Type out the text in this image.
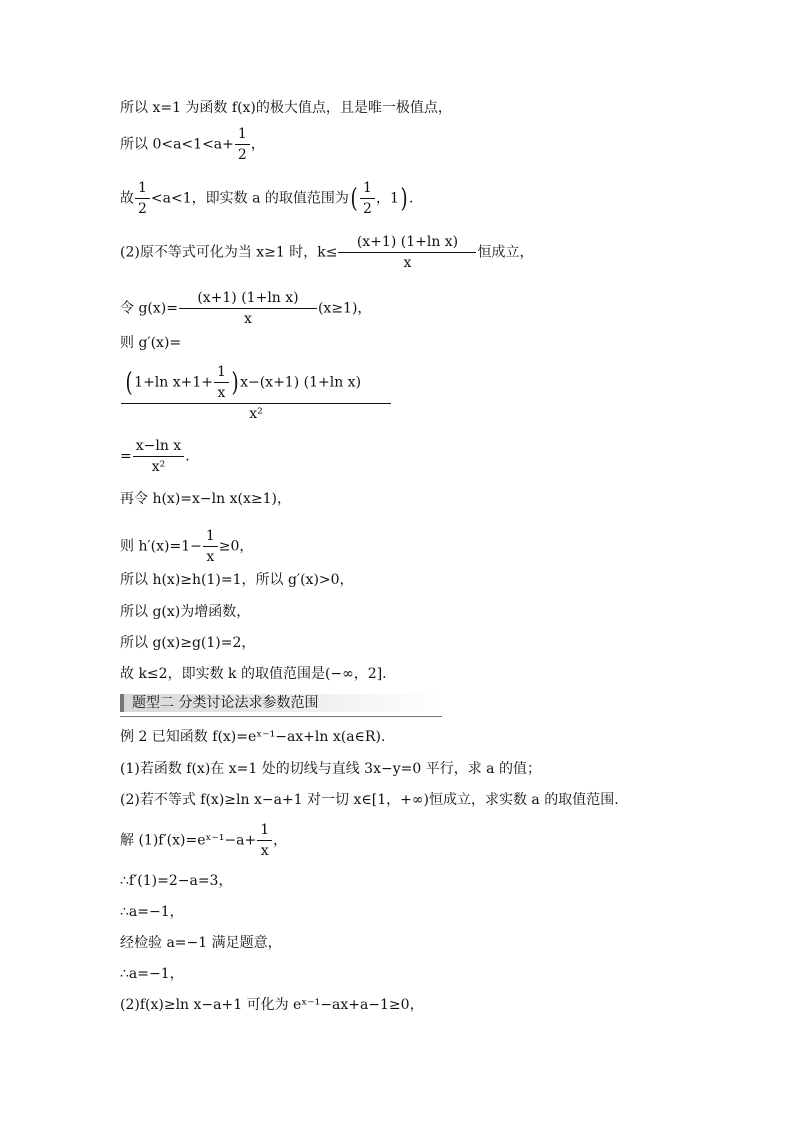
所以 x=1 为函数 f(x)的极大值点，且是唯一极值点，
所以 $0<a<1<a+ \frac{1}{2}$ ，
故 $\frac{1}{2} <a<1$，即实数 a 的取值范围为( $\frac{1}{2}$ ，1) .
(2)原不等式可化为当 x≥1 时，$k\le \frac{\text{(x+1) (1+ln x)}}{x}$ 恒成立，
令 $g(x)= \frac{\text{(x+1) (1+ln x)}}{x} (x\ge 1)$，
则 g′(x)=
$\frac{( 1+\ln x+1+ \frac{1}{x} ) x-(x+1) (1+\ln x)}{\text{x²}}$
= $\frac{\text{x−ln x}}{\text{x²}}$ .
再令 h(x)=x−ln x(x≥1)，
则 $h'(x)=1- \frac{1}{x} \ge 0$，
所以 h(x)≥h(1)=1，所以 g′(x)>0，
所以 g(x)为增函数，
所以 g(x)≥g(1)=2，
故 k≤2，即实数 k 的取值范围是(−∞，2].
题型二 分类讨论法求参数范围
例 2 已知函数 f(x)=eˣ⁻¹−ax+ln x(a∈R).
(1)若函数 f(x)在 x=1 处的切线与直线 3x−y=0 平行，求 a 的值；
(2)若不等式 f(x)≥ln x−a+1 对一切 x∈[1，+∞)恒成立，求实数 a 的取值范围.
解 (1)f′(x)=eˣ⁻¹−a+ $\frac{1}{x}$ ，
∴f′(1)=2−a=3，
∴a=−1，
经检验 a=−1 满足题意，
∴a=−1，
(2)f(x)≥ln x−a+1 可化为 eˣ⁻¹−ax+a−1≥0，
